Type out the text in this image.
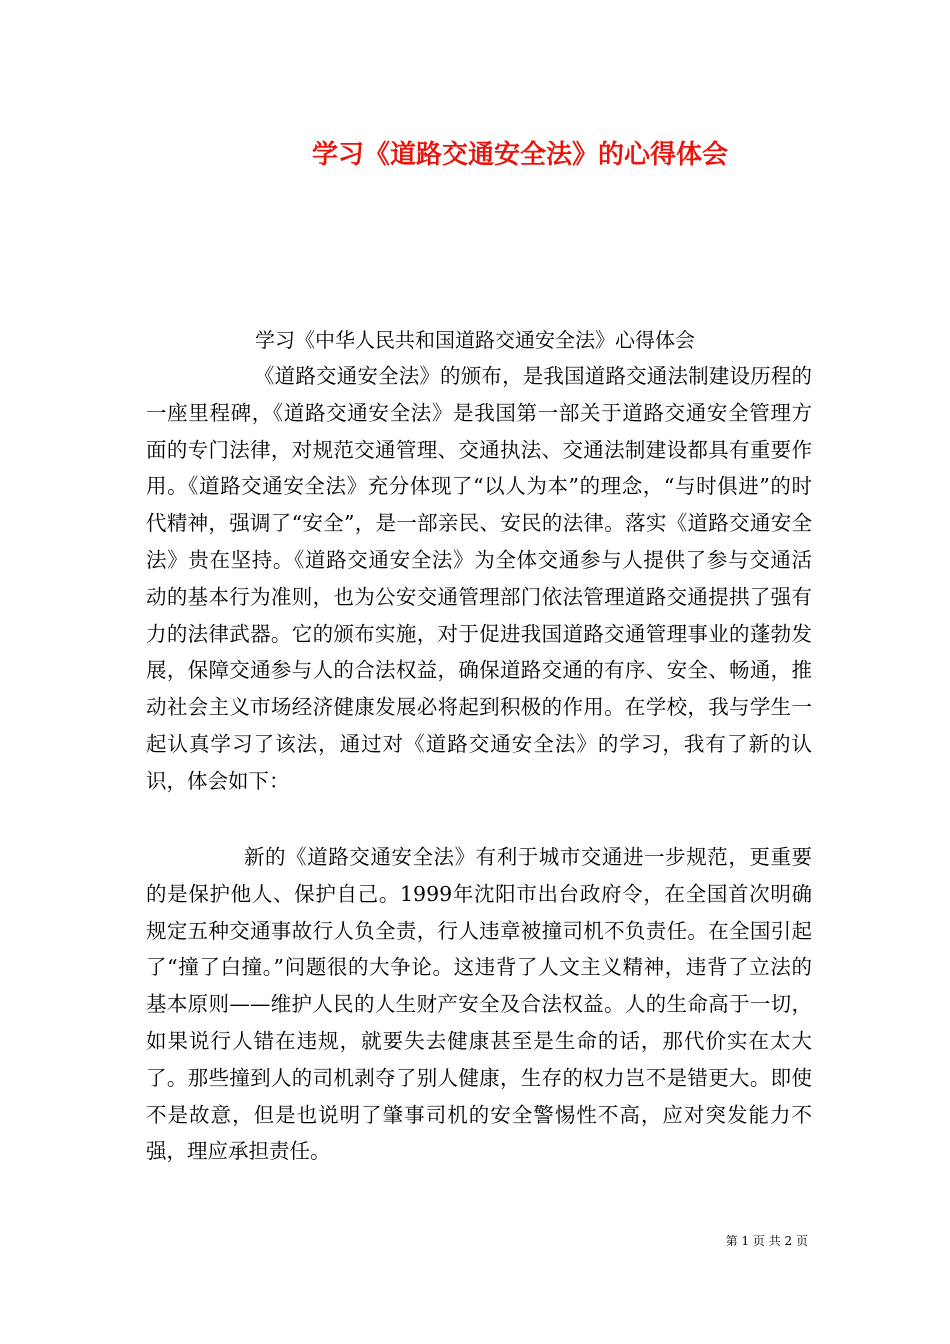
学习《道路交通安全法》的心得体会
学习《中华人民共和国道路交通安全法》心得体会

《道路交通安全法》的颁布，是我国道路交通法制建设历程的一座里程碑，《道路交通安全法》是我国第一部关于道路交通安全管理方面的专门法律，对规范交通管理、交通执法、交通法制建设都具有重要作用。《道路交通安全法》充分体现了“以人为本”的理念，“与时俱进”的时代精神，强调了“安全”，是一部亲民、安民的法律。落实《道路交通安全法》贵在坚持。《道路交通安全法》为全体交通参与人提供了参与交通活动的基本行为准则，也为公安交通管理部门依法管理道路交通提拱了强有力的法律武器。它的颁布实施，对于促进我国道路交通管理事业的蓬勃发展，保障交通参与人的合法权益，确保道路交通的有序、安全、畅通，推动社会主义市场经济健康发展必将起到积极的作用。在学校，我与学生一起认真学习了该法，通过对《道路交通安全法》的学习，我有了新的认识，体会如下：

新的《道路交通安全法》有利于城市交通进一步规范，更重要的是保护他人、保护自己。1999年沈阳市出台政府令，在全国首次明确规定五种交通事故行人负全责，行人违章被撞司机不负责任。在全国引起了“撞了白撞。”问题很的大争论。这违背了人文主义精神，违背了立法的基本原则——维护人民的人生财产安全及合法权益。人的生命高于一切，如果说行人错在违规，就要失去健康甚至是生命的话，那代价实在太大了。那些撞到人的司机剥夺了别人健康，生存的权力岂不是错更大。即使不是故意，但是也说明了肇事司机的安全警惕性不高，应对突发能力不强，理应承担责任。

第 1 页 共 2 页
